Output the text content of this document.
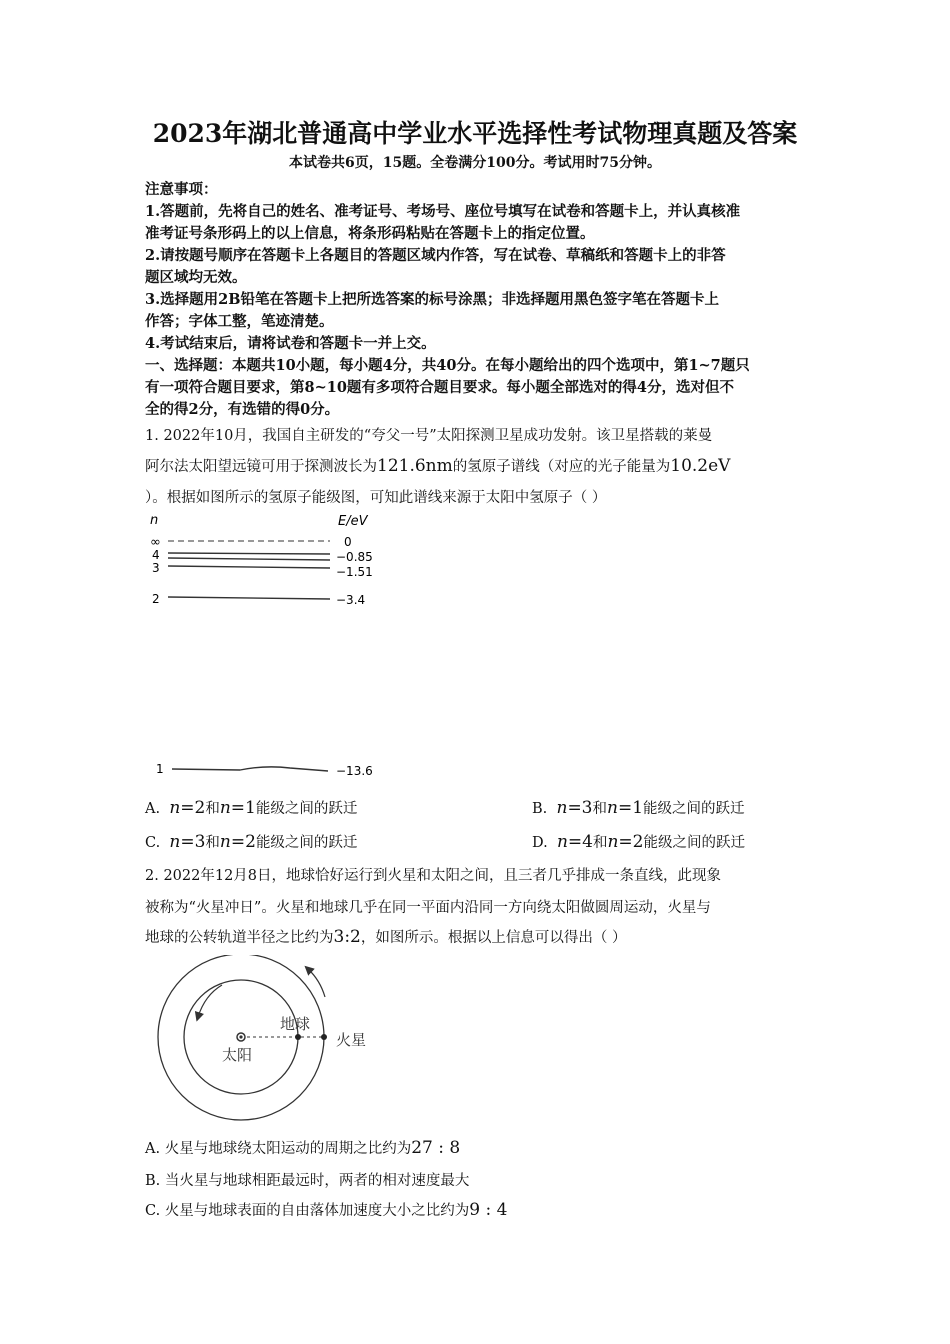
2023年湖北普通高中学业水平选择性考试物理真题及答案
本试卷共6页，15题。全卷满分100分。考试用时75分钟。
注意事项：
1.答题前，先将自己的姓名、准考证号、考场号、座位号填写在试卷和答题卡上，并认真核准
准考证号条形码上的以上信息，将条形码粘贴在答题卡上的指定位置。
2.请按题号顺序在答题卡上各题目的答题区域内作答，写在试卷、草稿纸和答题卡上的非答
题区域均无效。
3.选择题用2B铅笔在答题卡上把所选答案的标号涂黑；非选择题用黑色签字笔在答题卡上
作答；字体工整，笔迹清楚。
4.考试结束后，请将试卷和答题卡一并上交。
一、选择题：本题共10小题，每小题4分，共40分。在每小题给出的四个选项中，第1~7题只
有一项符合题目要求，第8~10题有多项符合题目要求。每小题全部选对的得4分，选对但不
全的得2分，有选错的得0分。
1. 2022年10月，我国自主研发的“夸父一号”太阳探测卫星成功发射。该卫星搭载的莱曼
阿尔法太阳望远镜可用于探测波长为121.6nm的氢原子谱线（对应的光子能量为10.2eV
）。根据如图所示的氢原子能级图，可知此谱线来源于太阳中氢原子（ ）
n	E/eV
∞
4
3
2
1
0
−0.85
−1.51
−3.4
−13.6
A. n=2和n=1能级之间的跃迁	B. n=3和n=1能级之间的跃迁
C. n=3和n=2能级之间的跃迁	D. n=4和n=2能级之间的跃迁
2. 2022年12月8日，地球恰好运行到火星和太阳之间，且三者几乎排成一条直线，此现象
被称为“火星冲日”。火星和地球几乎在同一平面内沿同一方向绕太阳做圆周运动，火星与
地球的公转轨道半径之比约为3:2，如图所示。根据以上信息可以得出（ ）
地球
太阳
火星
A. 火星与地球绕太阳运动的周期之比约为27 : 8
B. 当火星与地球相距最远时，两者的相对速度最大
C. 火星与地球表面的自由落体加速度大小之比约为9 : 4
